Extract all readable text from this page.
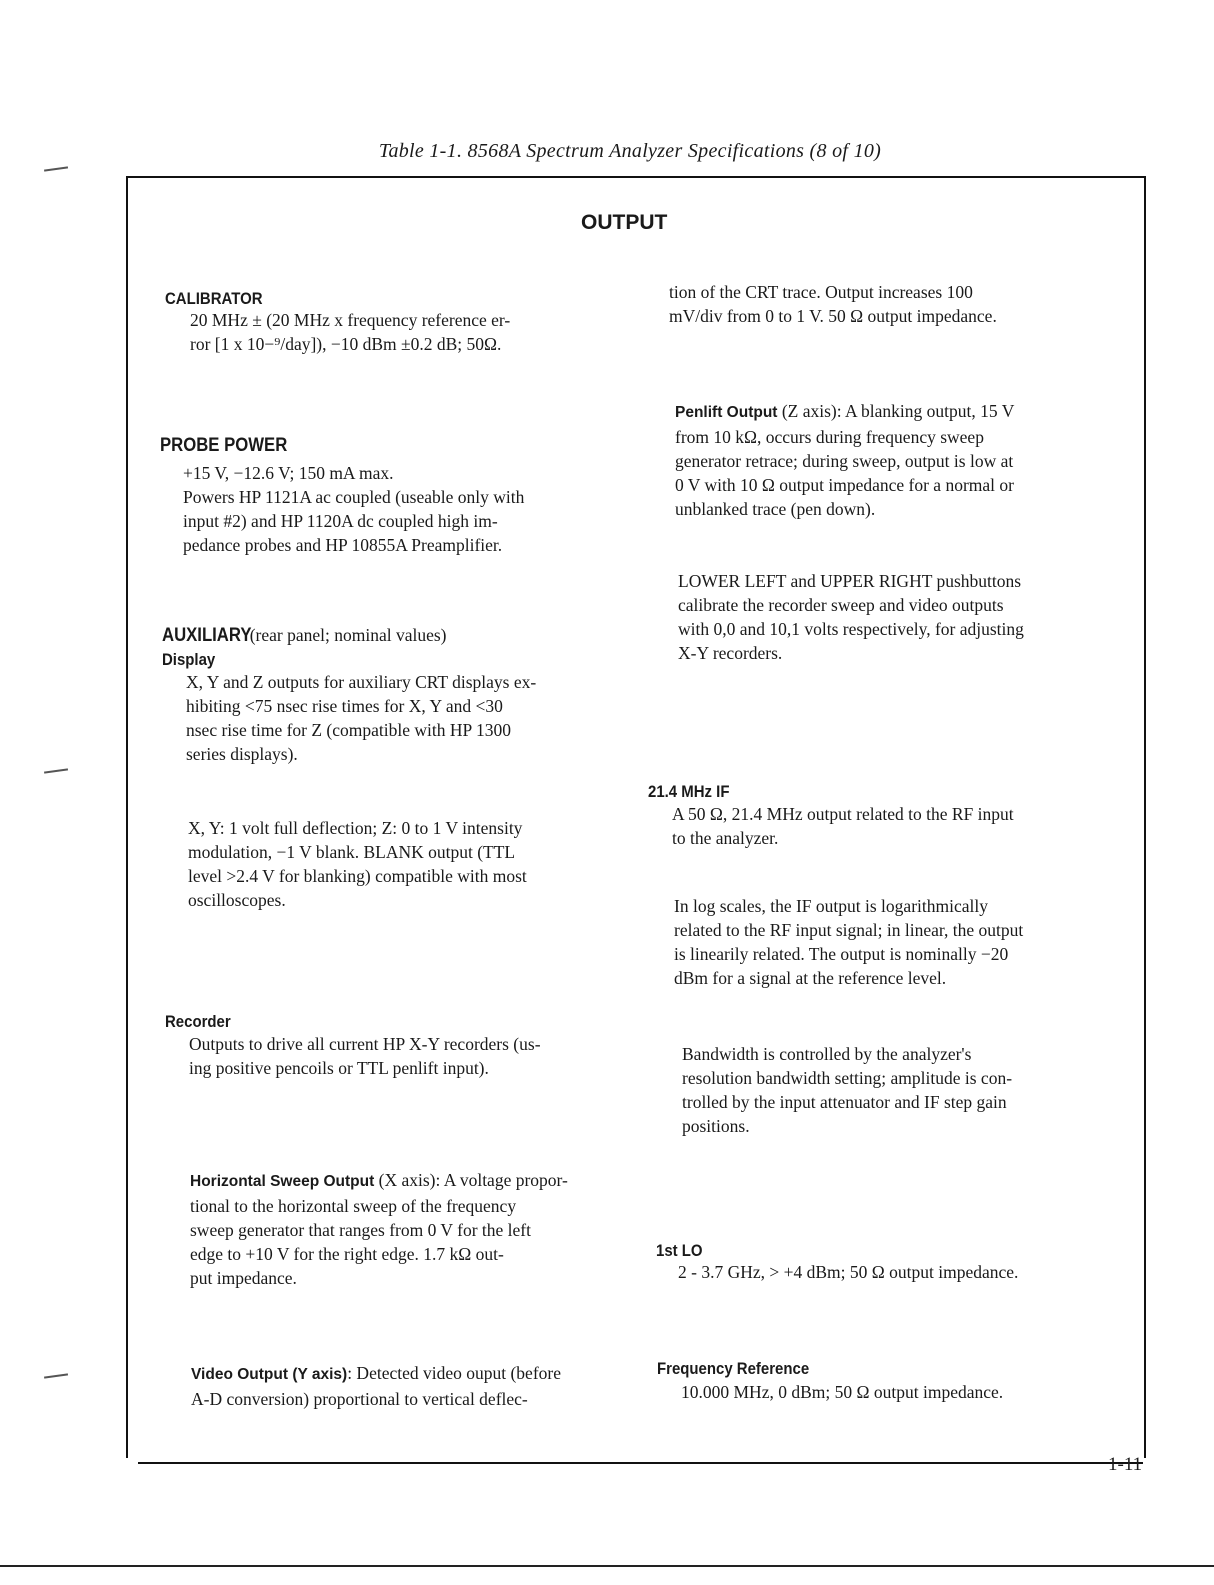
Table 1-1. 8568A Spectrum Analyzer Specifications (8 of 10)
OUTPUT
CALIBRATOR
20 MHz ± (20 MHz x frequency reference er-
ror [1 x 10−⁹/day]), −10 dBm ±0.2 dB; 50Ω.
PROBE POWER
+15 V, −12.6 V; 150 mA max.
Powers HP 1121A ac coupled (useable only with
input #2) and HP 1120A dc coupled high im-
pedance probes and HP 10855A Preamplifier.
AUXILIARY(rear panel; nominal values)
Display
X, Y and Z outputs for auxiliary CRT displays ex-
hibiting <75 nsec rise times for X, Y and <30
nsec rise time for Z (compatible with HP 1300
series displays).
X, Y: 1 volt full deflection; Z: 0 to 1 V intensity
modulation, −1 V blank. BLANK output (TTL
level >2.4 V for blanking) compatible with most
oscilloscopes.
Recorder
Outputs to drive all current HP X-Y recorders (us-
ing positive pencoils or TTL penlift input).
Horizontal Sweep Output (X axis): A voltage propor-
tional to the horizontal sweep of the frequency
sweep generator that ranges from 0 V for the left
edge to +10 V for the right edge. 1.7 kΩ out-
put impedance.
Video Output (Y axis): Detected video ouput (before
A-D conversion) proportional to vertical deflec-
tion of the CRT trace. Output increases 100
mV/div from 0 to 1 V. 50 Ω output impedance.
Penlift Output (Z axis): A blanking output, 15 V
from 10 kΩ, occurs during frequency sweep
generator retrace; during sweep, output is low at
0 V with 10 Ω output impedance for a normal or
unblanked trace (pen down).
LOWER LEFT and UPPER RIGHT pushbuttons
calibrate the recorder sweep and video outputs
with 0,0 and 10,1 volts respectively, for adjusting
X-Y recorders.
21.4 MHz IF
A 50 Ω, 21.4 MHz output related to the RF input
to the analyzer.
In log scales, the IF output is logarithmically
related to the RF input signal; in linear, the output
is linearily related. The output is nominally −20
dBm for a signal at the reference level.
Bandwidth is controlled by the analyzer's
resolution bandwidth setting; amplitude is con-
trolled by the input attenuator and IF step gain
positions.
1st LO
2 - 3.7 GHz, > +4 dBm; 50 Ω output impedance.
Frequency Reference
10.000 MHz, 0 dBm; 50 Ω output impedance.
1-11
